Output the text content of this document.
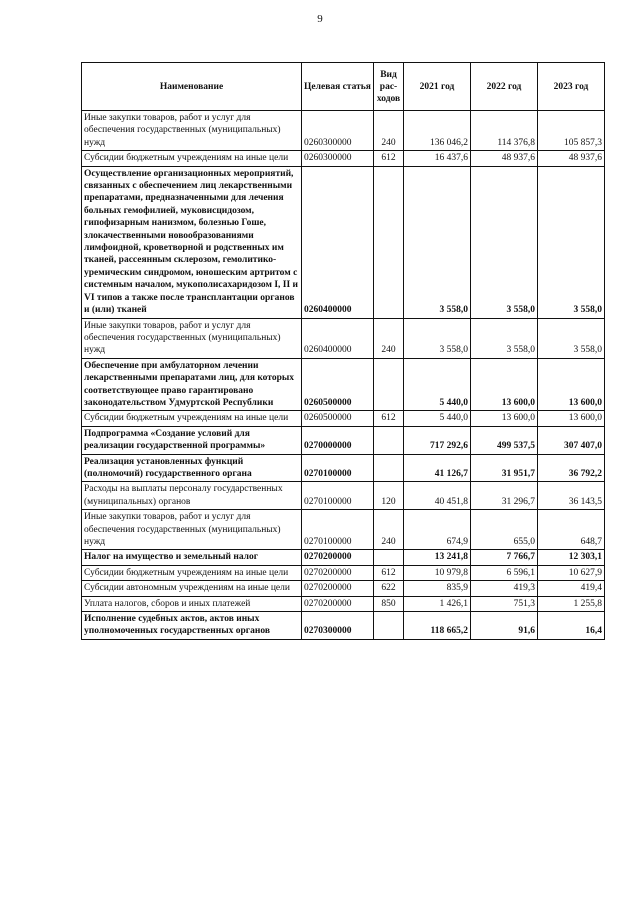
9
Наименование	Целевая статья	Вид рас-ходов	2021 год	2022 год	2023 год
Иные закупки товаров, работ и услуг для обеспечения государственных (муниципальных) нужд	0260300000	240	136 046,2	114 376,8	105 857,3
Субсидии бюджетным учреждениям на иные цели	0260300000	612	16 437,6	48 937,6	48 937,6
Осуществление организационных мероприятий, связанных с обеспечением лиц лекарственными препаратами, предназначенными для лечения больных гемофилией, муковисцидозом, гипофизарным нанизмом, болезнью Гоше, злокачественными новообразованиями лимфоидной, кроветворной и родственных им тканей, рассеянным склерозом, гемолитико-уремическим синдромом, юношеским артритом с системным началом, мукополисахаридозом I, II и VI типов а также после трансплантации органов и (или) тканей	0260400000		3 558,0	3 558,0	3 558,0
Иные закупки товаров, работ и услуг для обеспечения государственных (муниципальных) нужд	0260400000	240	3 558,0	3 558,0	3 558,0
Обеспечение при амбулаторном лечении лекарственными препаратами лиц, для которых соответствующее право гарантировано законодательством Удмуртской Республики	0260500000		5 440,0	13 600,0	13 600,0
Субсидии бюджетным учреждениям на иные цели	0260500000	612	5 440,0	13 600,0	13 600,0
Подпрограмма «Создание условий для реализации государственной программы»	0270000000		717 292,6	499 537,5	307 407,0
Реализация установленных функций (полномочий) государственного органа	0270100000		41 126,7	31 951,7	36 792,2
Расходы на выплаты персоналу государственных (муниципальных) органов	0270100000	120	40 451,8	31 296,7	36 143,5
Иные закупки товаров, работ и услуг для обеспечения государственных (муниципальных) нужд	0270100000	240	674,9	655,0	648,7
Налог на имущество и земельный налог	0270200000		13 241,8	7 766,7	12 303,1
Субсидии бюджетным учреждениям на иные цели	0270200000	612	10 979,8	6 596,1	10 627,9
Субсидии автономным учреждениям на иные цели	0270200000	622	835,9	419,3	419,4
Уплата налогов, сборов и иных платежей	0270200000	850	1 426,1	751,3	1 255,8
Исполнение судебных актов, актов иных уполномоченных государственных органов	0270300000		118 665,2	91,6	16,4
